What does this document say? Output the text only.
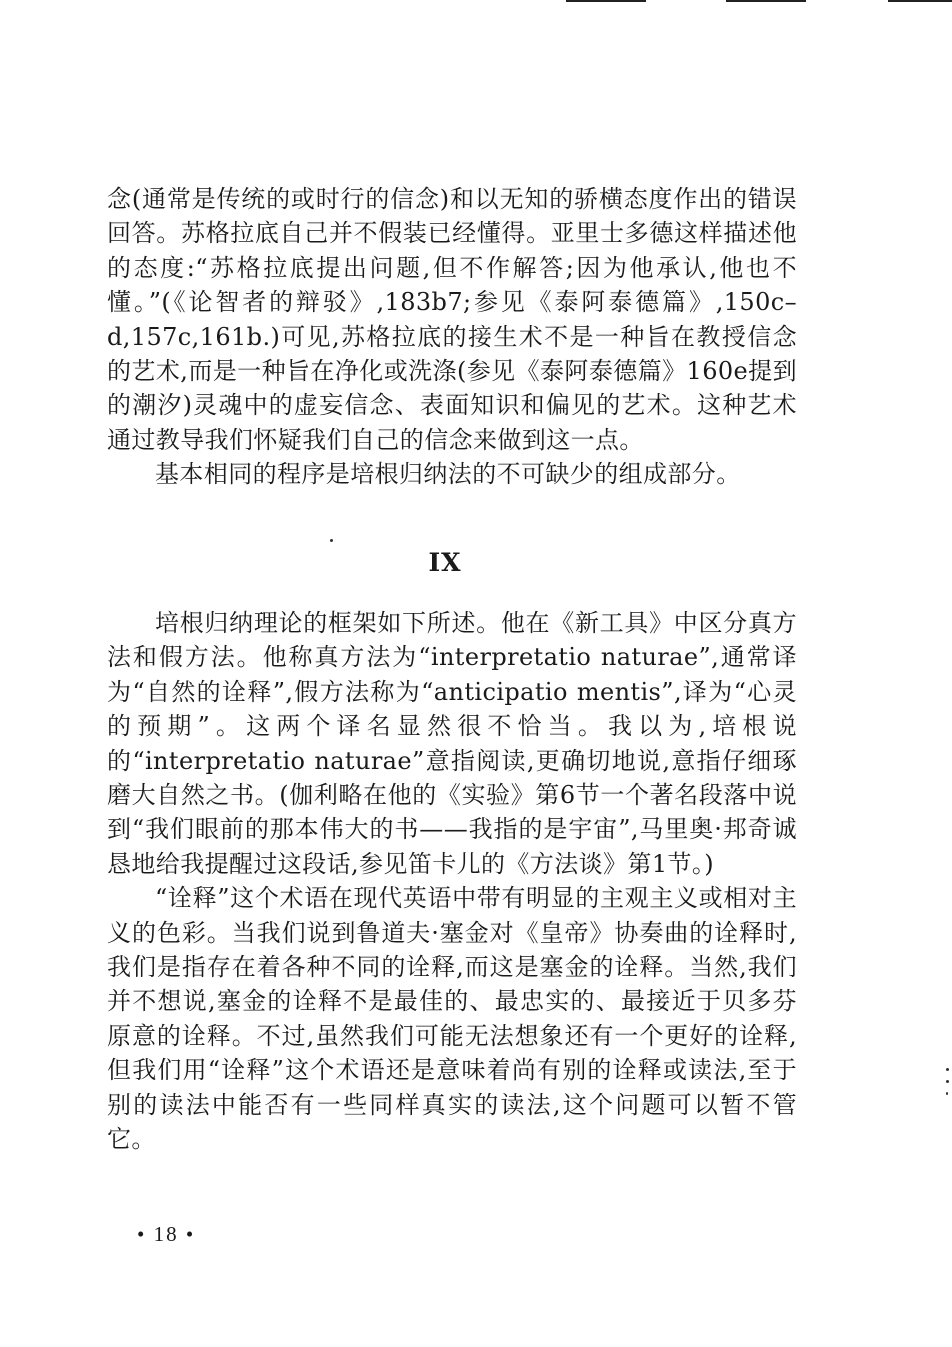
念(通常是传统的或时行的信念)和以无知的骄横态度作出的错误回答。苏格拉底自己并不假装已经懂得。亚里士多德这样描述他的态度:“苏格拉底提出问题,但不作解答;因为他承认,他也不懂。”(《论智者的辩驳》,183b7;参见《泰阿泰德篇》,150c–d,157c,161b.)可见,苏格拉底的接生术不是一种旨在教授信念的艺术,而是一种旨在净化或洗涤(参见《泰阿泰德篇》160e提到的潮汐)灵魂中的虚妄信念、表面知识和偏见的艺术。这种艺术通过教导我们怀疑我们自己的信念来做到这一点。

基本相同的程序是培根归纳法的不可缺少的组成部分。

IX

培根归纳理论的框架如下所述。他在《新工具》中区分真方法和假方法。他称真方法为“interpretatio naturae”,通常译为“自然的诠释”,假方法称为“anticipatio mentis”,译为“心灵的预期”。这两个译名显然很不恰当。我以为,培根说的“interpretatio naturae”意指阅读,更确切地说,意指仔细琢磨大自然之书。(伽利略在他的《实验》第6节一个著名段落中说到“我们眼前的那本伟大的书——我指的是宇宙”,马里奥·邦奇诚恳地给我提醒过这段话,参见笛卡儿的《方法谈》第1节。)

“诠释”这个术语在现代英语中带有明显的主观主义或相对主义的色彩。当我们说到鲁道夫·塞金对《皇帝》协奏曲的诠释时,我们是指存在着各种不同的诠释,而这是塞金的诠释。当然,我们并不想说,塞金的诠释不是最佳的、最忠实的、最接近于贝多芬原意的诠释。不过,虽然我们可能无法想象还有一个更好的诠释,但我们用“诠释”这个术语还是意味着尚有别的诠释或读法,至于别的读法中能否有一些同样真实的读法,这个问题可以暂不管它。

• 18 •
